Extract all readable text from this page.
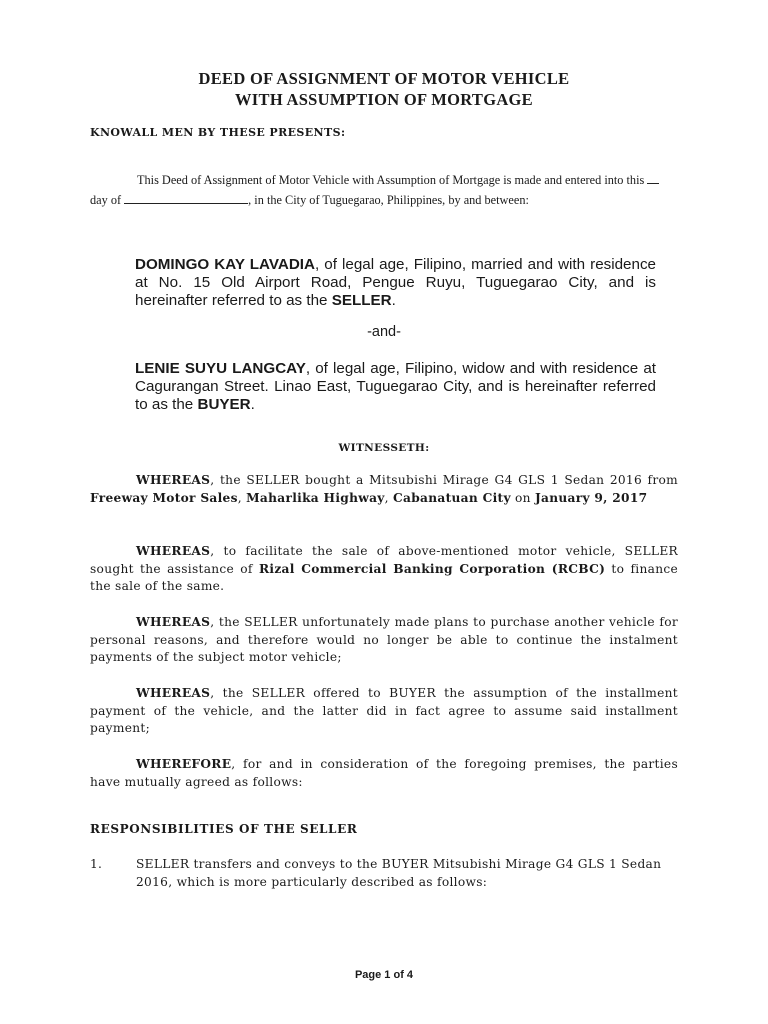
DEED OF ASSIGNMENT OF MOTOR VEHICLE
WITH ASSUMPTION OF MORTGAGE
KNOWALL MEN BY THESE PRESENTS:
This Deed of Assignment of Motor Vehicle with Assumption of Mortgage is made and entered into this  day of	, in the City of Tuguegarao, Philippines, by and between:
DOMINGO KAY LAVADIA, of legal age, Filipino, married and with residence at No. 15 Old Airport Road, Pengue Ruyu, Tuguegarao City, and is hereinafter referred to as the SELLER.
-and-
LENIE SUYU LANGCAY, of legal age, Filipino, widow and with residence at Cagurangan Street. Linao East, Tuguegarao City, and is hereinafter referred to as the BUYER.
WITNESSETH:
WHEREAS, the SELLER bought a Mitsubishi Mirage G4 GLS 1 Sedan 2016 from Freeway Motor Sales, Maharlika Highway, Cabanatuan City on January 9, 2017
WHEREAS, to facilitate the sale of above-mentioned motor vehicle, SELLER sought the assistance of Rizal Commercial Banking Corporation (RCBC) to finance the sale of the same.
WHEREAS, the SELLER unfortunately made plans to purchase another vehicle for personal reasons, and therefore would no longer be able to continue the instalment payments of the subject motor vehicle;
WHEREAS, the SELLER offered to BUYER the assumption of the installment payment of the vehicle, and the latter did in fact agree to assume said installment payment;
WHEREFORE, for and in consideration of the foregoing premises, the parties have mutually agreed as follows:
RESPONSIBILITIES OF THE SELLER
1.	SELLER transfers and conveys to the BUYER Mitsubishi Mirage G4 GLS 1 Sedan 2016, which is more particularly described as follows:
Page 1 of 4
